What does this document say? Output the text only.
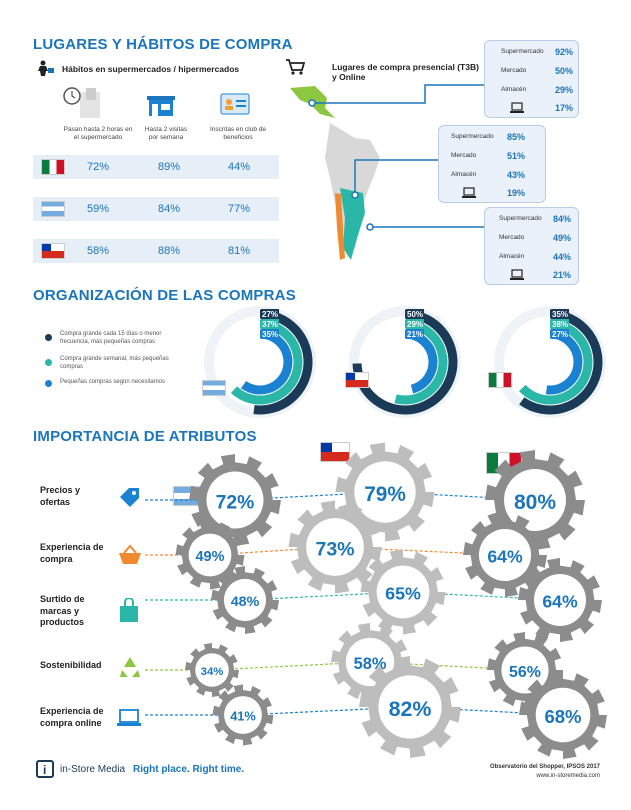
LUGARES Y HÁBITOS DE COMPRA
Hábitos en supermercados / hipermercados
Pasan hasta 2 horas en el supermercado
Hasta 2 visitas por semana
Inscritas en club de beneficios
72%	89%	44%
59%	84%	77%
58%	88%	81%
Lugares de compra presencial (T3B) y Online
Supermercado 92%
Mercado	50%
Almacén	29%
17%
Supermercado 85%
Mercado	51%
Almacén	43%
19%
Supermercado 84%
Mercado	49%
Almacén	44%
21%
ORGANIZACIÓN DE LAS COMPRAS
Compra grande cada 15 días o menor frecuencia, más pequeñas compras
Compra grande semanal, más pequeñas compras
Pequeñas compras según necesitamos
27%
37%
35%
50%
29%
21%
35%
38%
27%
IMPORTANCIA DE ATRIBUTOS
Precios y ofertas
Experiencia de compra
Surtido de marcas y productos
Sostenibilidad
Experiencia de compra online
72%
49%
48%
34%
41%
79%
73%
65%
58%
82%
80%
64%
64%
56%
68%
i in-Store Media Right place. Right time.	Observatorio del Shopper, IPSOS 2017
www.in-storemedia.com
